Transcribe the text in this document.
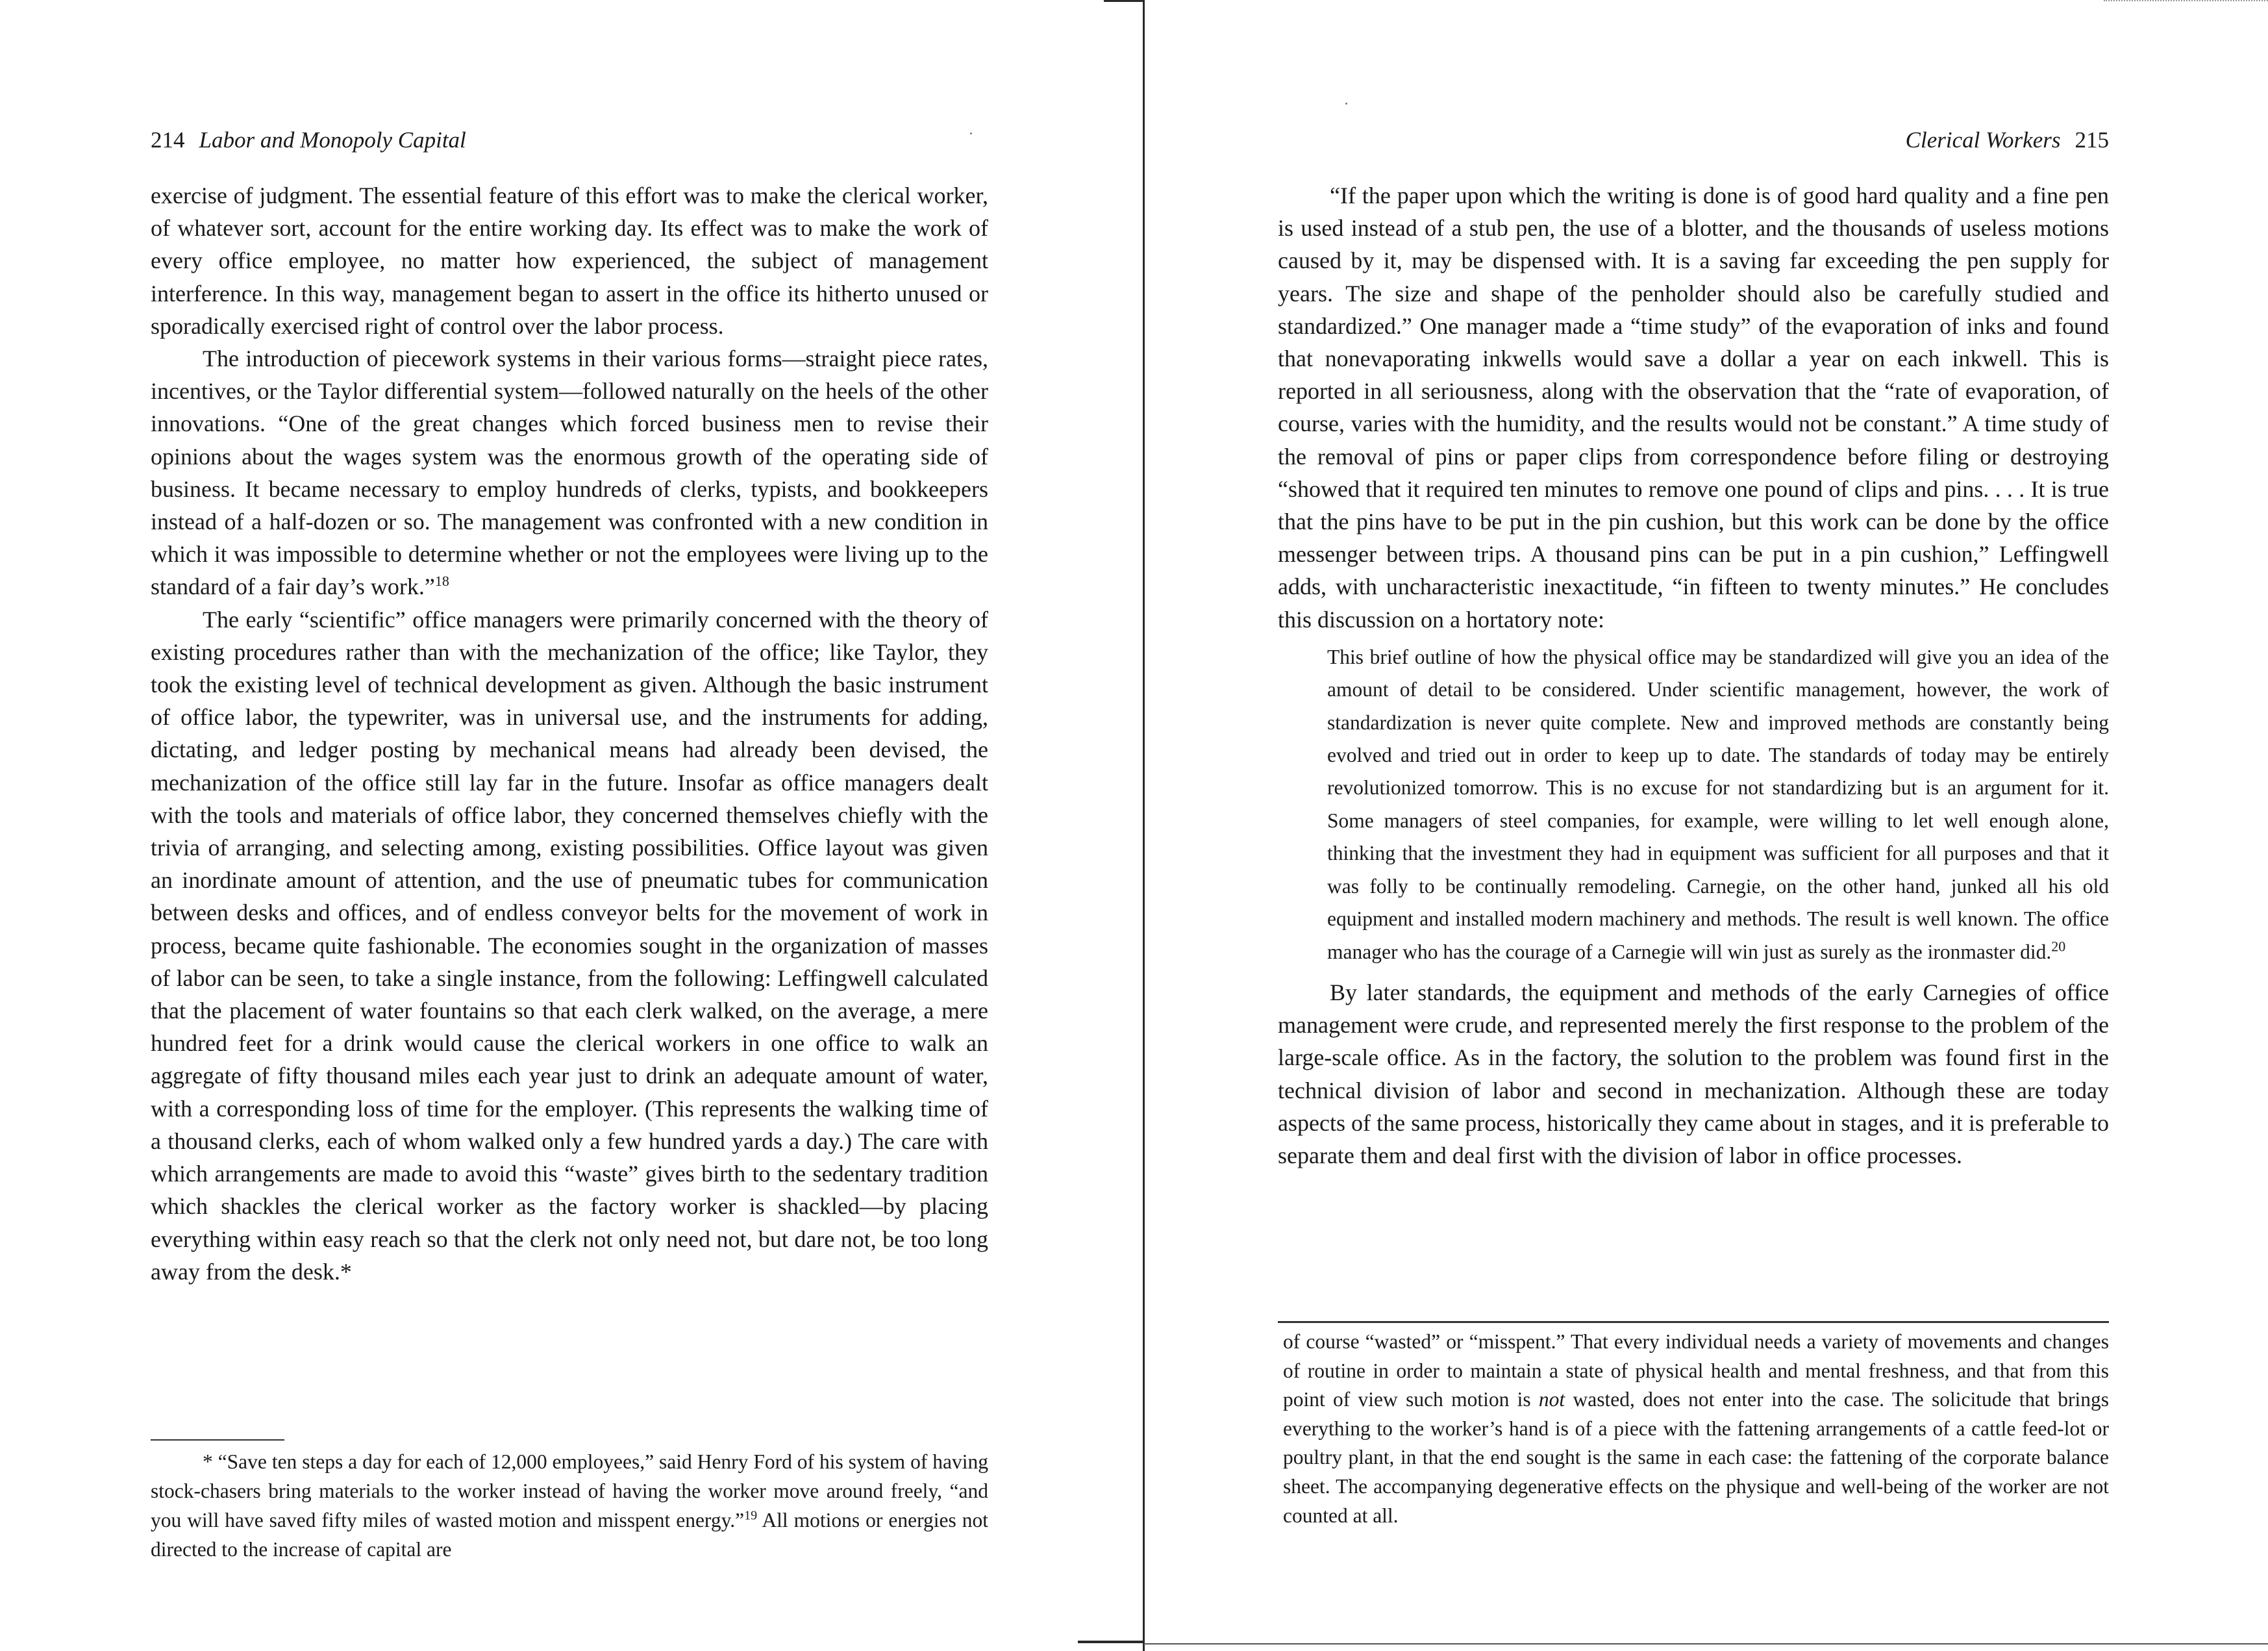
214 Labor and Monopoly Capital

exercise of judgment. The essential feature of this effort was to make the clerical worker, of whatever sort, account for the entire working day. Its effect was to make the work of every office employee, no matter how experienced, the subject of management interference. In this way, management began to assert in the office its hitherto unused or sporadically exercised right of control over the labor process.

The introduction of piecework systems in their various forms—straight piece rates, incentives, or the Taylor differential system—followed naturally on the heels of the other innovations. “One of the great changes which forced business men to revise their opinions about the wages system was the enormous growth of the operating side of business. It became necessary to employ hundreds of clerks, typists, and bookkeepers instead of a half-dozen or so. The management was confronted with a new condition in which it was impossible to determine whether or not the employees were living up to the standard of a fair day’s work.”$^{18}$

The early “scientific” office managers were primarily concerned with the theory of existing procedures rather than with the mechanization of the office; like Taylor, they took the existing level of technical development as given. Although the basic instrument of office labor, the typewriter, was in universal use, and the instruments for adding, dictating, and ledger posting by mechanical means had already been devised, the mechanization of the office still lay far in the future. Insofar as office managers dealt with the tools and materials of office labor, they concerned themselves chiefly with the trivia of arranging, and selecting among, existing possibilities. Office layout was given an inordinate amount of attention, and the use of pneumatic tubes for communication between desks and offices, and of endless conveyor belts for the movement of work in process, became quite fashionable. The economies sought in the organization of masses of labor can be seen, to take a single instance, from the following: Leffingwell calculated that the placement of water fountains so that each clerk walked, on the average, a mere hundred feet for a drink would cause the clerical workers in one office to walk an aggregate of fifty thousand miles each year just to drink an adequate amount of water, with a corresponding loss of time for the employer. (This represents the walking time of a thousand clerks, each of whom walked only a few hundred yards a day.) The care with which arrangements are made to avoid this “waste” gives birth to the sedentary tradition which shackles the clerical worker as the factory worker is shackled—by placing everything within easy reach so that the clerk not only need not, but dare not, be too long away from the desk.*

* “Save ten steps a day for each of 12,000 employees,” said Henry Ford of his system of having stock-chasers bring materials to the worker instead of having the worker move around freely, “and you will have saved fifty miles of wasted motion and misspent energy.”$^{19}$ All motions or energies not directed to the increase of capital are

Clerical Workers 215

“If the paper upon which the writing is done is of good hard quality and a fine pen is used instead of a stub pen, the use of a blotter, and the thousands of useless motions caused by it, may be dispensed with. It is a saving far exceeding the pen supply for years. The size and shape of the penholder should also be carefully studied and standardized.” One manager made a “time study” of the evaporation of inks and found that nonevaporating inkwells would save a dollar a year on each inkwell. This is reported in all seriousness, along with the observation that the “rate of evaporation, of course, varies with the humidity, and the results would not be constant.” A time study of the removal of pins or paper clips from correspondence before filing or destroying “showed that it required ten minutes to remove one pound of clips and pins. . . . It is true that the pins have to be put in the pin cushion, but this work can be done by the office messenger between trips. A thousand pins can be put in a pin cushion,” Leffingwell adds, with uncharacteristic inexactitude, “in fifteen to twenty minutes.” He concludes this discussion on a hortatory note:

This brief outline of how the physical office may be standardized will give you an idea of the amount of detail to be considered. Under scientific management, however, the work of standardization is never quite complete. New and improved methods are constantly being evolved and tried out in order to keep up to date. The standards of today may be entirely revolutionized tomorrow. This is no excuse for not standardizing but is an argument for it. Some managers of steel companies, for example, were willing to let well enough alone, thinking that the investment they had in equipment was sufficient for all purposes and that it was folly to be continually remodeling. Carnegie, on the other hand, junked all his old equipment and installed modern machinery and methods. The result is well known. The office manager who has the courage of a Carnegie will win just as surely as the ironmaster did.$^{20}$

By later standards, the equipment and methods of the early Carnegies of office management were crude, and represented merely the first response to the problem of the large-scale office. As in the factory, the solution to the problem was found first in the technical division of labor and second in mechanization. Although these are today aspects of the same process, historically they came about in stages, and it is preferable to separate them and deal first with the division of labor in office processes.

of course “wasted” or “misspent.” That every individual needs a variety of movements and changes of routine in order to maintain a state of physical health and mental freshness, and that from this point of view such motion is not wasted, does not enter into the case. The solicitude that brings everything to the worker’s hand is of a piece with the fattening arrangements of a cattle feed-lot or poultry plant, in that the end sought is the same in each case: the fattening of the corporate balance sheet. The accompanying degenerative effects on the physique and well-being of the worker are not counted at all.
